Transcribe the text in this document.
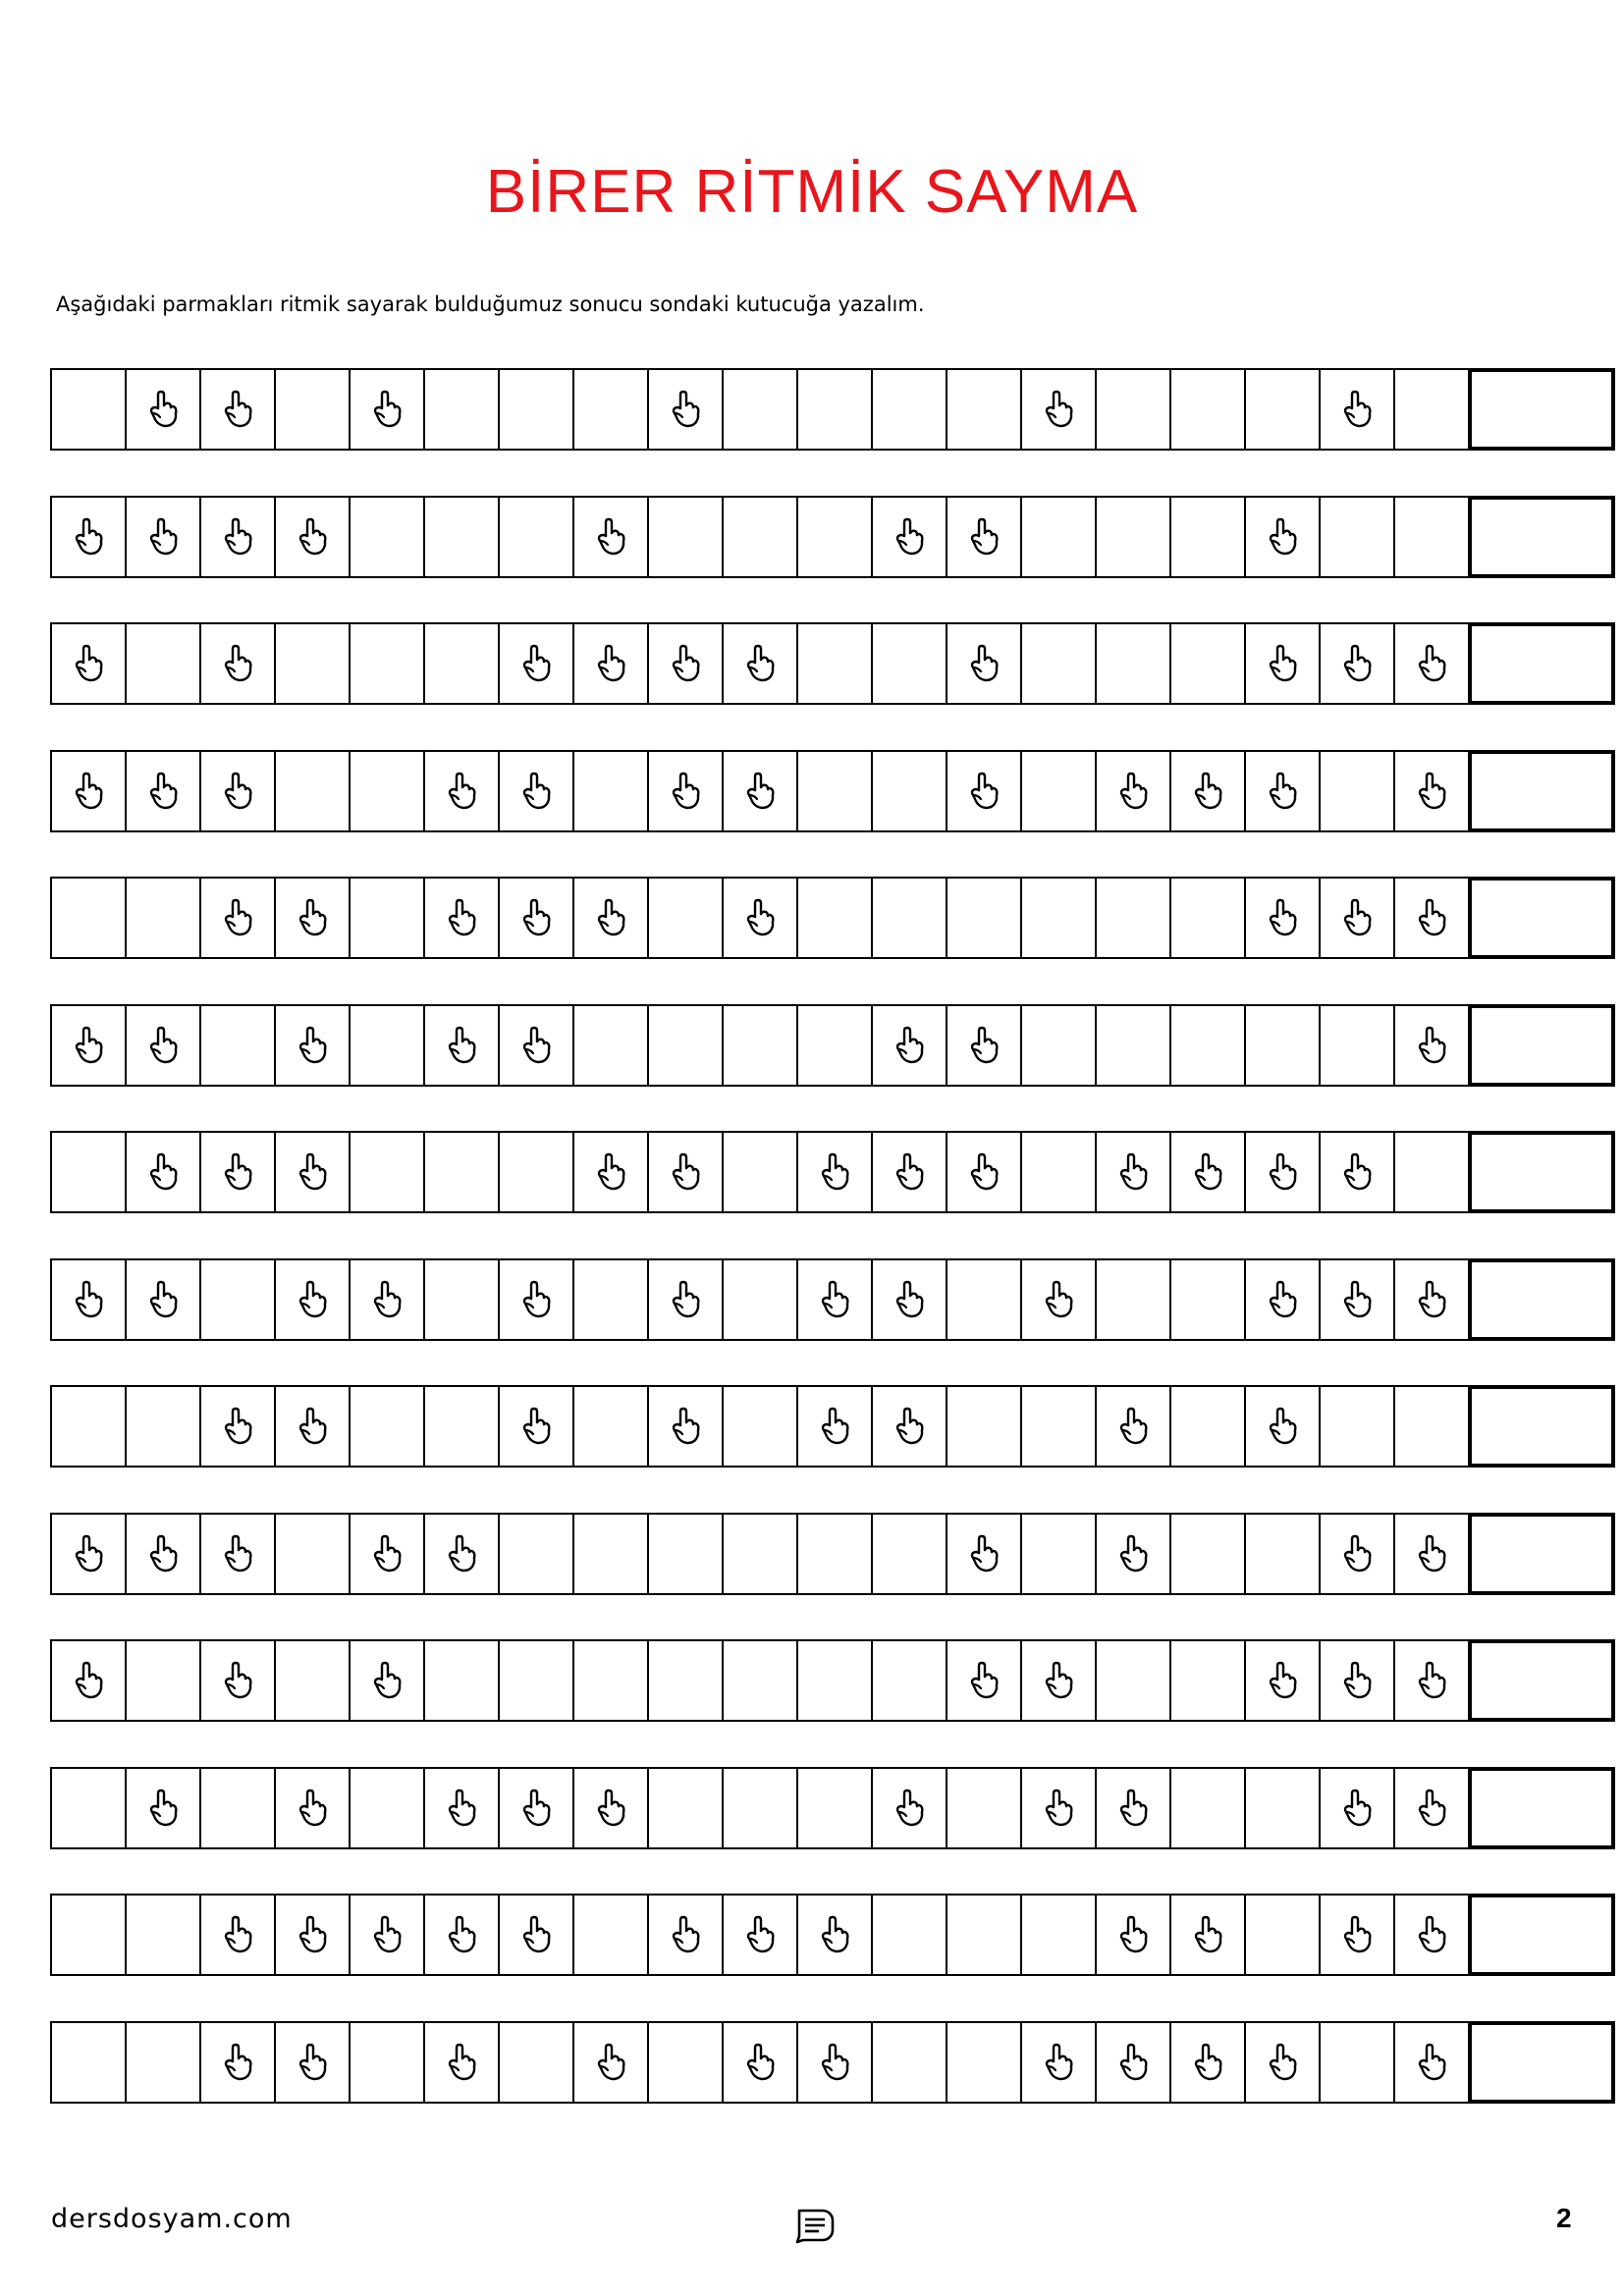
BİRER RİTMİK SAYMA
Aşağıdaki parmakları ritmik sayarak bulduğumuz sonucu sondaki kutucuğa yazalım.
dersdosyam.com	2
